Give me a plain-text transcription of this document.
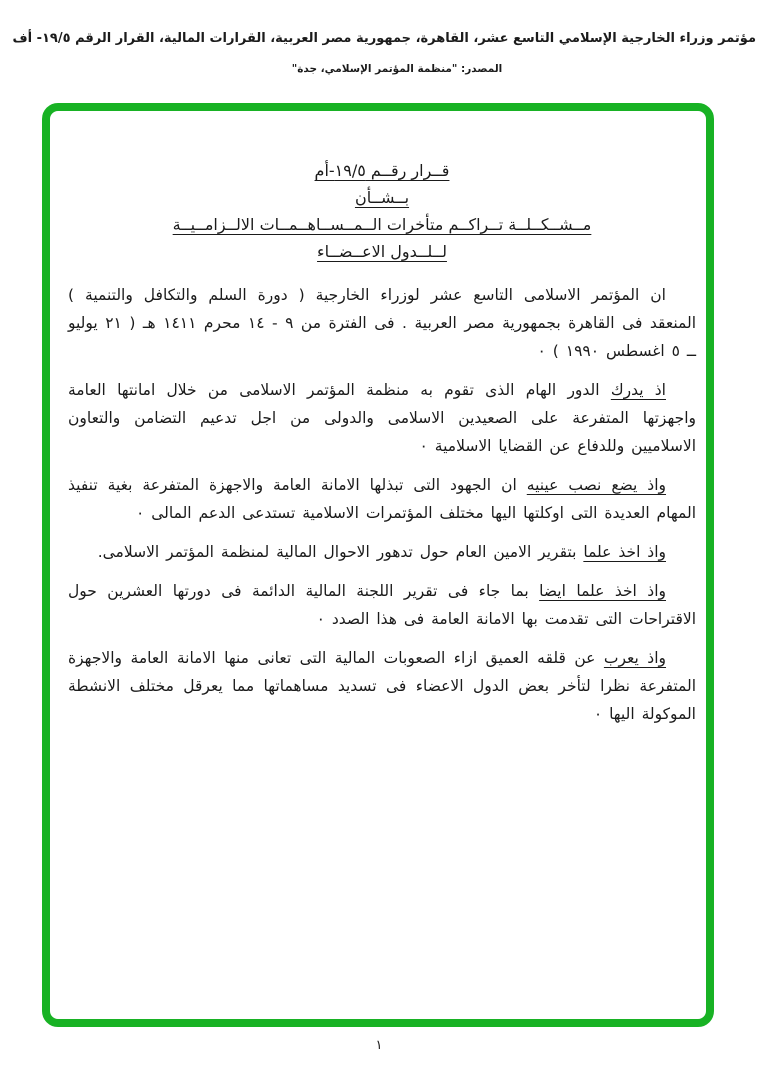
مؤتمر وزراء الخارجية الإسلامي التاسع عشر، القاهرة، جمهورية مصر العربية، القرارات المالية، القرار الرقم ١٩/٥- أف
المصدر: "منظمة المؤتمر الإسلامي، جدة"
قــرار رقــم ١٩/٥-أم
بــشــأن
مــشــكــلــة تــراكــم متأخرات الــمــســاهــمــات الالــزامــيــة
لــلــدول الاعــضــاء

ان المؤتمر الاسلامى التاسع عشر لوزراء الخارجية ( دورة السلم والتكافل والتنمية ) المنعقد فى القاهرة بجمهورية مصر العربية . فى الفترة من ٩ - ١٤ محرم ١٤١١ هـ ( ٢١ يوليو ــ ٥ اغسطس ١٩٩٠ ) ٠

اذ يدرك الدور الهام الذى تقوم به منظمة المؤتمر الاسلامى من خلال امانتها العامة واجهزتها المتفرعة على الصعيدين الاسلامى والدولى من اجل تدعيم التضامن والتعاون الاسلاميين وللدفاع عن القضايا الاسلامية ٠

واذ يضع نصب عينيه ان الجهود التى تبذلها الامانة العامة والاجهزة المتفرعة بغية تنفيذ المهام العديدة التى اوكلتها اليها مختلف المؤتمرات الاسلامية تستدعى الدعم المالى ٠

واذ اخذ علما بتقرير الامين العام حول تدهور الاحوال المالية لمنظمة المؤتمر الاسلامى.

واذ اخذ علما ايضا بما جاء فى تقرير اللجنة المالية الدائمة فى دورتها العشرين حول الاقتراحات التى تقدمت بها الامانة العامة فى هذا الصدد ٠

واذ يعرب عن قلقه العميق ازاء الصعوبات المالية التى تعانى منها الامانة العامة والاجهزة المتفرعة نظرا لتأخر بعض الدول الاعضاء فى تسديد مساهماتها مما يعرقل مختلف الانشطة الموكولة اليها ٠

١
